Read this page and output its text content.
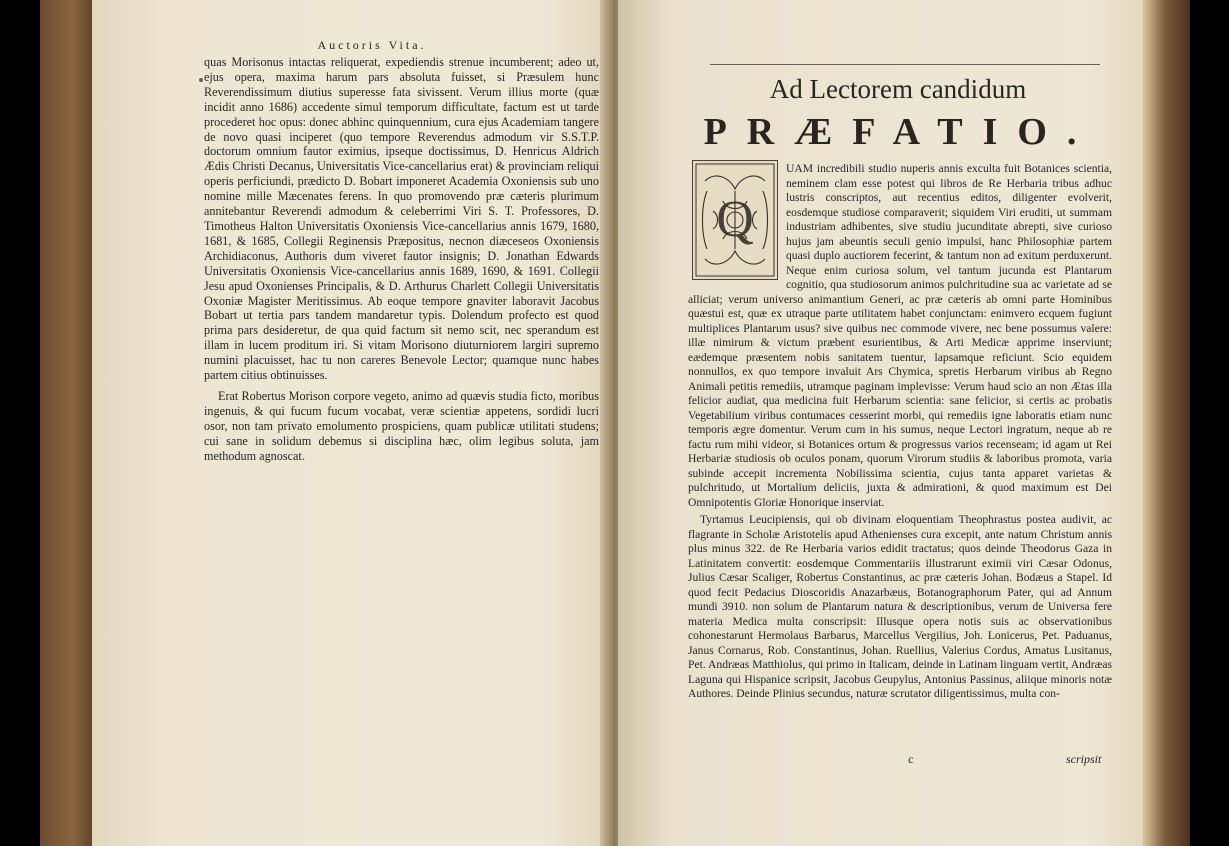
Auctoris Vita.

quas Morisonus intactas reliquerat, expediendis strenue incumberent; adeo ut, ejus opera, maxima harum pars absoluta fuisset, si Præsulem hunc Reverendissimum diutius superesse fata sivissent. Verum illius morte (quæ incidit anno 1686) accedente simul temporum difficultate, factum est ut tarde procederet hoc opus: donec abhinc quinquennium, cura ejus Academiam tangere de novo quasi inciperet (quo tempore Reverendus admodum vir S.S.T.P. doctorum omnium fautor eximius, ipseque doctissimus, D. Henricus Aldrich Ædis Christi Decanus, Universitatis Vice-cancellarius erat) & provinciam reliqui operis perficiundi, prædicto D. Bobart imponeret Academia Oxoniensis sub uno nomine mille Mæcenates ferens. In quo promovendo præ cæteris plurimum annitebantur Reverendi admodum & celeberrimi Viri S. T. Professores, D. Timotheus Halton Universitatis Oxoniensis Vice-cancellarius annis 1679, 1680, 1681, & 1685, Collegii Reginensis Præpositus, necnon diæceseos Oxoniensis Archidiaconus, Authoris dum viveret fautor insignis; D. Jonathan Edwards Universitatis Oxoniensis Vice-cancellarius annis 1689, 1690, & 1691. Collegii Jesu apud Oxonienses Principalis, & D. Arthurus Charlett Collegii Universitatis Oxoniæ Magister Meritissimus. Ab eoque tempore gnaviter laboravit Jacobus Bobart ut tertia pars tandem mandaretur typis. Dolendum profecto est quod prima pars desideretur, de qua quid factum sit nemo scit, nec sperandum est illam in lucem proditum iri. Si vitam Morisono diuturniorem largiri supremo numini placuisset, hac tu non careres Benevole Lector; quamque nunc habes partem citius obtinuisses.

Erat Robertus Morison corpore vegeto, animo ad quævis studia ficto, moribus ingenuis, & qui fucum fucum vocabat, veræ scientiæ appetens, sordidi lucri osor, non tam privato emolumento prospiciens, quam publicæ utilitati studens; cui sane in solidum debemus si disciplina hæc, olim legibus soluta, jam methodum agnoscat.

Ad Lectorem candidum
PRÆFATIO.

UAM incredibili studio nuperis annis exculta fuit Botanices scientia, neminem clam esse potest qui libros de Re Herbaria tribus adhuc lustris conscriptos, aut recentius editos, diligenter evolverit, eosdemque studiose comparaverit; siquidem Viri eruditi, ut summam industriam adhibentes, sive studiu jucunditate abrepti, sive curioso hujus jam abeuntis seculi genio impulsi, hanc Philosophiæ partem quasi duplo auctiorem fecerint, & tantum non ad exitum perduxerunt. Neque enim curiosa solum, vel tantum jucunda est Plantarum cognitio, qua studiosorum animos pulchritudine sua ac varietate ad se alliciat; verum universo animantium Generi, ac præ cæteris ab omni parte Hominibus quæstui est, quæ ex utraque parte utilitatem habet conjunctam: enimvero ecquem fugiunt multiplices Plantarum usus? sive quibus nec commode vivere, nec bene possumus valere: illæ nimirum & victum præbent esurientibus, & Arti Medicæ apprime inserviunt; eædemque præsentem nobis sanitatem tuentur, lapsamque reficiunt. Scio equidem nonnullos, ex quo tempore invaluit Ars Chymica, spretis Herbarum viribus ab Regno Animali petitis remediis, utramque paginam implevisse: Verum haud scio an non Ætas illa felicior audiat, qua medicina fuit Herbarum scientia: sane felicior, si certis ac probatis Vegetabilium viribus contumaces cesserint morbi, qui remediis igne laboratis etiam nunc temporis ægre domentur. Verum cum in his sumus, neque Lectori ingratum, neque ab re factu rum mihi videor, si Botanices ortum & progressus varios recenseam; id agam ut Rei Herbariæ studiosis ob oculos ponam, quorum Virorum studiis & laboribus promota, varia subinde accepit incrementa Nobilissima scientia, cujus tanta apparet varietas & pulchritudo, ut Mortalium deliciis, juxta & admirationi, & quod maximum est Dei Omnipotentis Gloriæ Honorique inserviat.

Tyrtamus Leucipiensis, qui ob divinam eloquentiam Theophrastus postea audivit, ac flagrante in Scholæ Aristotelis apud Athenienses cura excepit, ante natum Christum annis plus minus 322. de Re Herbaria varios edidit tractatus; quos deinde Theodorus Gaza in Latinitatem convertit: eosdemque Commentariis illustrarunt eximii viri Cæsar Odonus, Julius Cæsar Scaliger, Robertus Constantinus, ac præ cæteris Johan. Bodæus a Stapel. Id quod fecit Pedacius Dioscoridis Anazarbæus, Botanographorum Pater, qui ad Annum mundi 3910. non solum de Plantarum natura & descriptionibus, verum de Universa fere materia Medica multa conscripsit: Illusque opera notis suis ac observationibus cohonestarunt Hermolaus Barbarus, Marcellus Vergilius, Joh. Lonicerus, Pet. Paduanus, Janus Cornarus, Rob. Constantinus, Johan. Ruellius, Valerius Cordus, Amatus Lusitanus, Pet. Andræas Matthiolus, qui primo in Italicam, deinde in Latinam linguam vertit, Andræas Laguna qui Hispanice scripsit, Jacobus Geupylus, Antonius Passinus, aliique minoris notæ Authores. Deinde Plinius secundus, naturæ scrutator diligentissimus, multa con-

Q
c	scripsit
